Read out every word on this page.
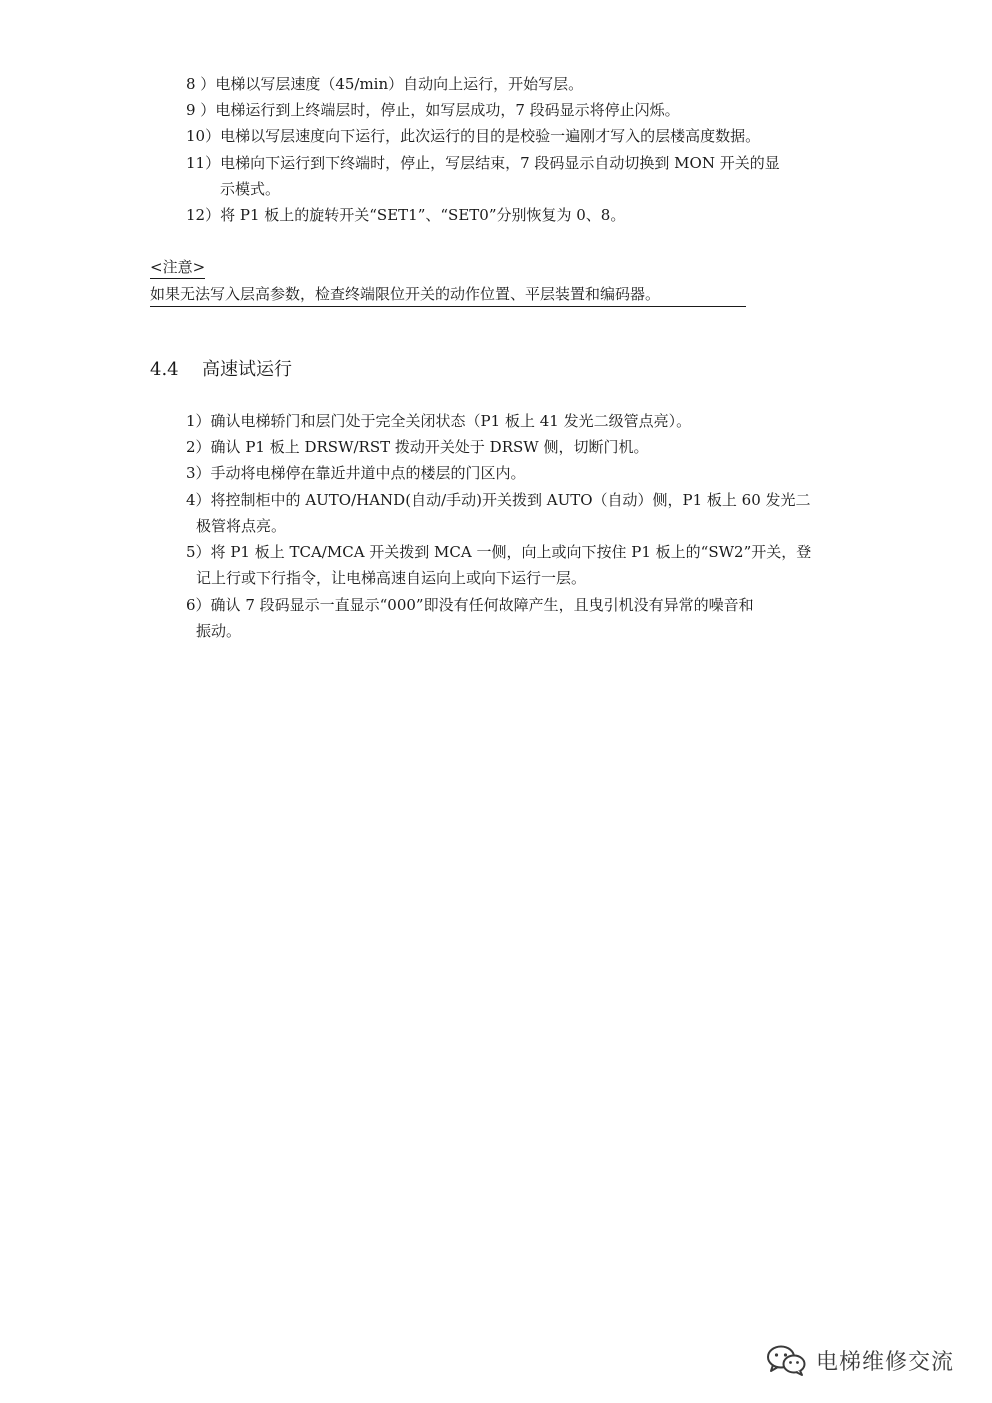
8 ）电梯以写层速度（45/min）自动向上运行，开始写层。
9 ）电梯运行到上终端层时，停止，如写层成功，7 段码显示将停止闪烁。
10）电梯以写层速度向下运行，此次运行的目的是校验一遍刚才写入的层楼高度数据。
11）电梯向下运行到下终端时，停止，写层结束，7 段码显示自动切换到 MON 开关的显
示模式。
12）将 P1 板上的旋转开关“SET1”、“SET0”分别恢复为 0、8。
<注意>
如果无法写入层高参数，检查终端限位开关的动作位置、平层装置和编码器。
4.4 高速试运行
1）确认电梯轿门和层门处于完全关闭状态（P1 板上 41 发光二级管点亮）。
2）确认 P1 板上 DRSW/RST 拨动开关处于 DRSW 侧，切断门机。
3）手动将电梯停在靠近井道中点的楼层的门区内。
4）将控制柜中的 AUTO/HAND(自动/手动)开关拨到 AUTO（自动）侧，P1 板上 60 发光二
极管将点亮。
5）将 P1 板上 TCA/MCA 开关拨到 MCA 一侧，向上或向下按住 P1 板上的“SW2”开关，登
记上行或下行指令，让电梯高速自运向上或向下运行一层。
6）确认 7 段码显示一直显示“000”即没有任何故障产生，且曳引机没有异常的噪音和
振动。
电梯维修交流
